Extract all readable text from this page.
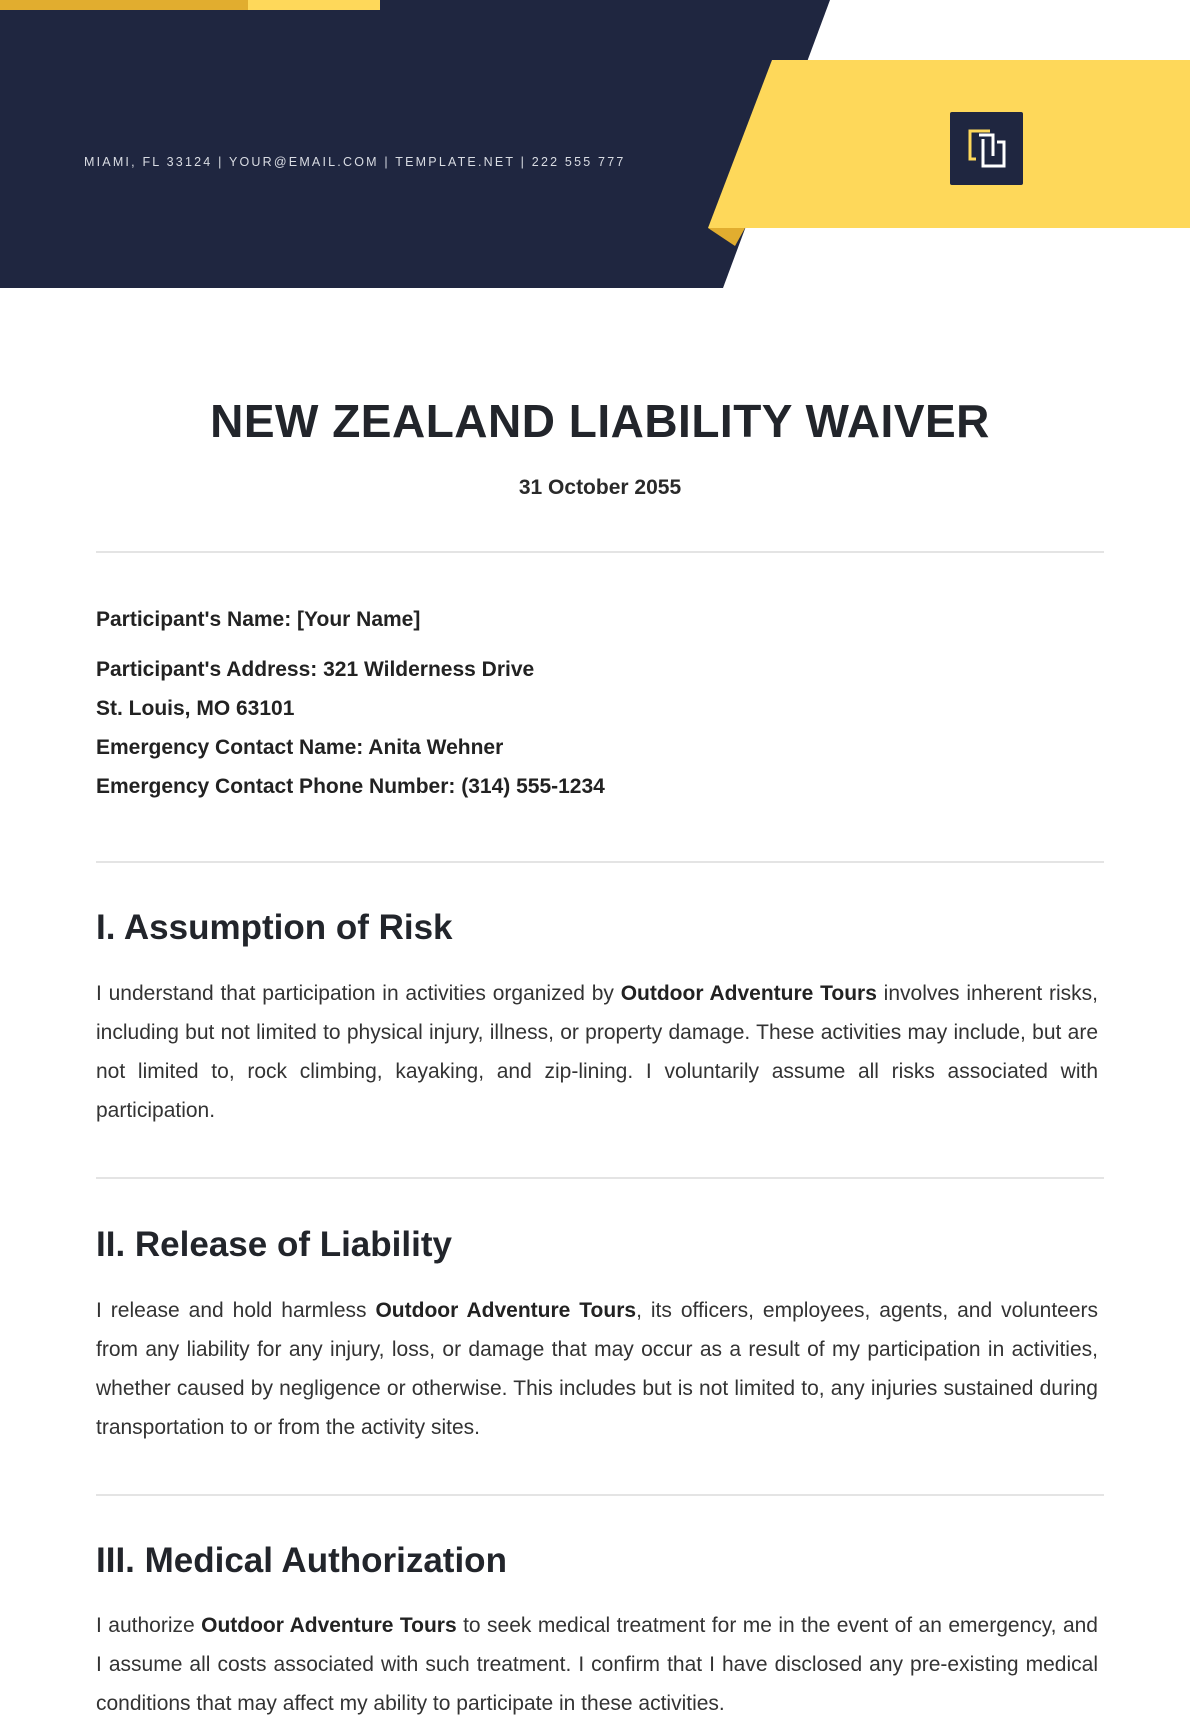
MIAMI, FL 33124 | YOUR@EMAIL.COM | TEMPLATE.NET | 222 555 777
NEW ZEALAND LIABILITY WAIVER
31 October 2055
Participant's Name: [Your Name]
Participant's Address: 321 Wilderness Drive
St. Louis, MO 63101
Emergency Contact Name: Anita Wehner
Emergency Contact Phone Number: (314) 555-1234
I. Assumption of Risk
I understand that participation in activities organized by Outdoor Adventure Tours involves inherent risks, including but not limited to physical injury, illness, or property damage. These activities may include, but are not limited to, rock climbing, kayaking, and zip-lining. I voluntarily assume all risks associated with participation.
II. Release of Liability
I release and hold harmless Outdoor Adventure Tours, its officers, employees, agents, and volunteers from any liability for any injury, loss, or damage that may occur as a result of my participation in activities, whether caused by negligence or otherwise. This includes but is not limited to, any injuries sustained during transportation to or from the activity sites.
III. Medical Authorization
I authorize Outdoor Adventure Tours to seek medical treatment for me in the event of an emergency, and I assume all costs associated with such treatment. I confirm that I have disclosed any pre-existing medical conditions that may affect my ability to participate in these activities.
